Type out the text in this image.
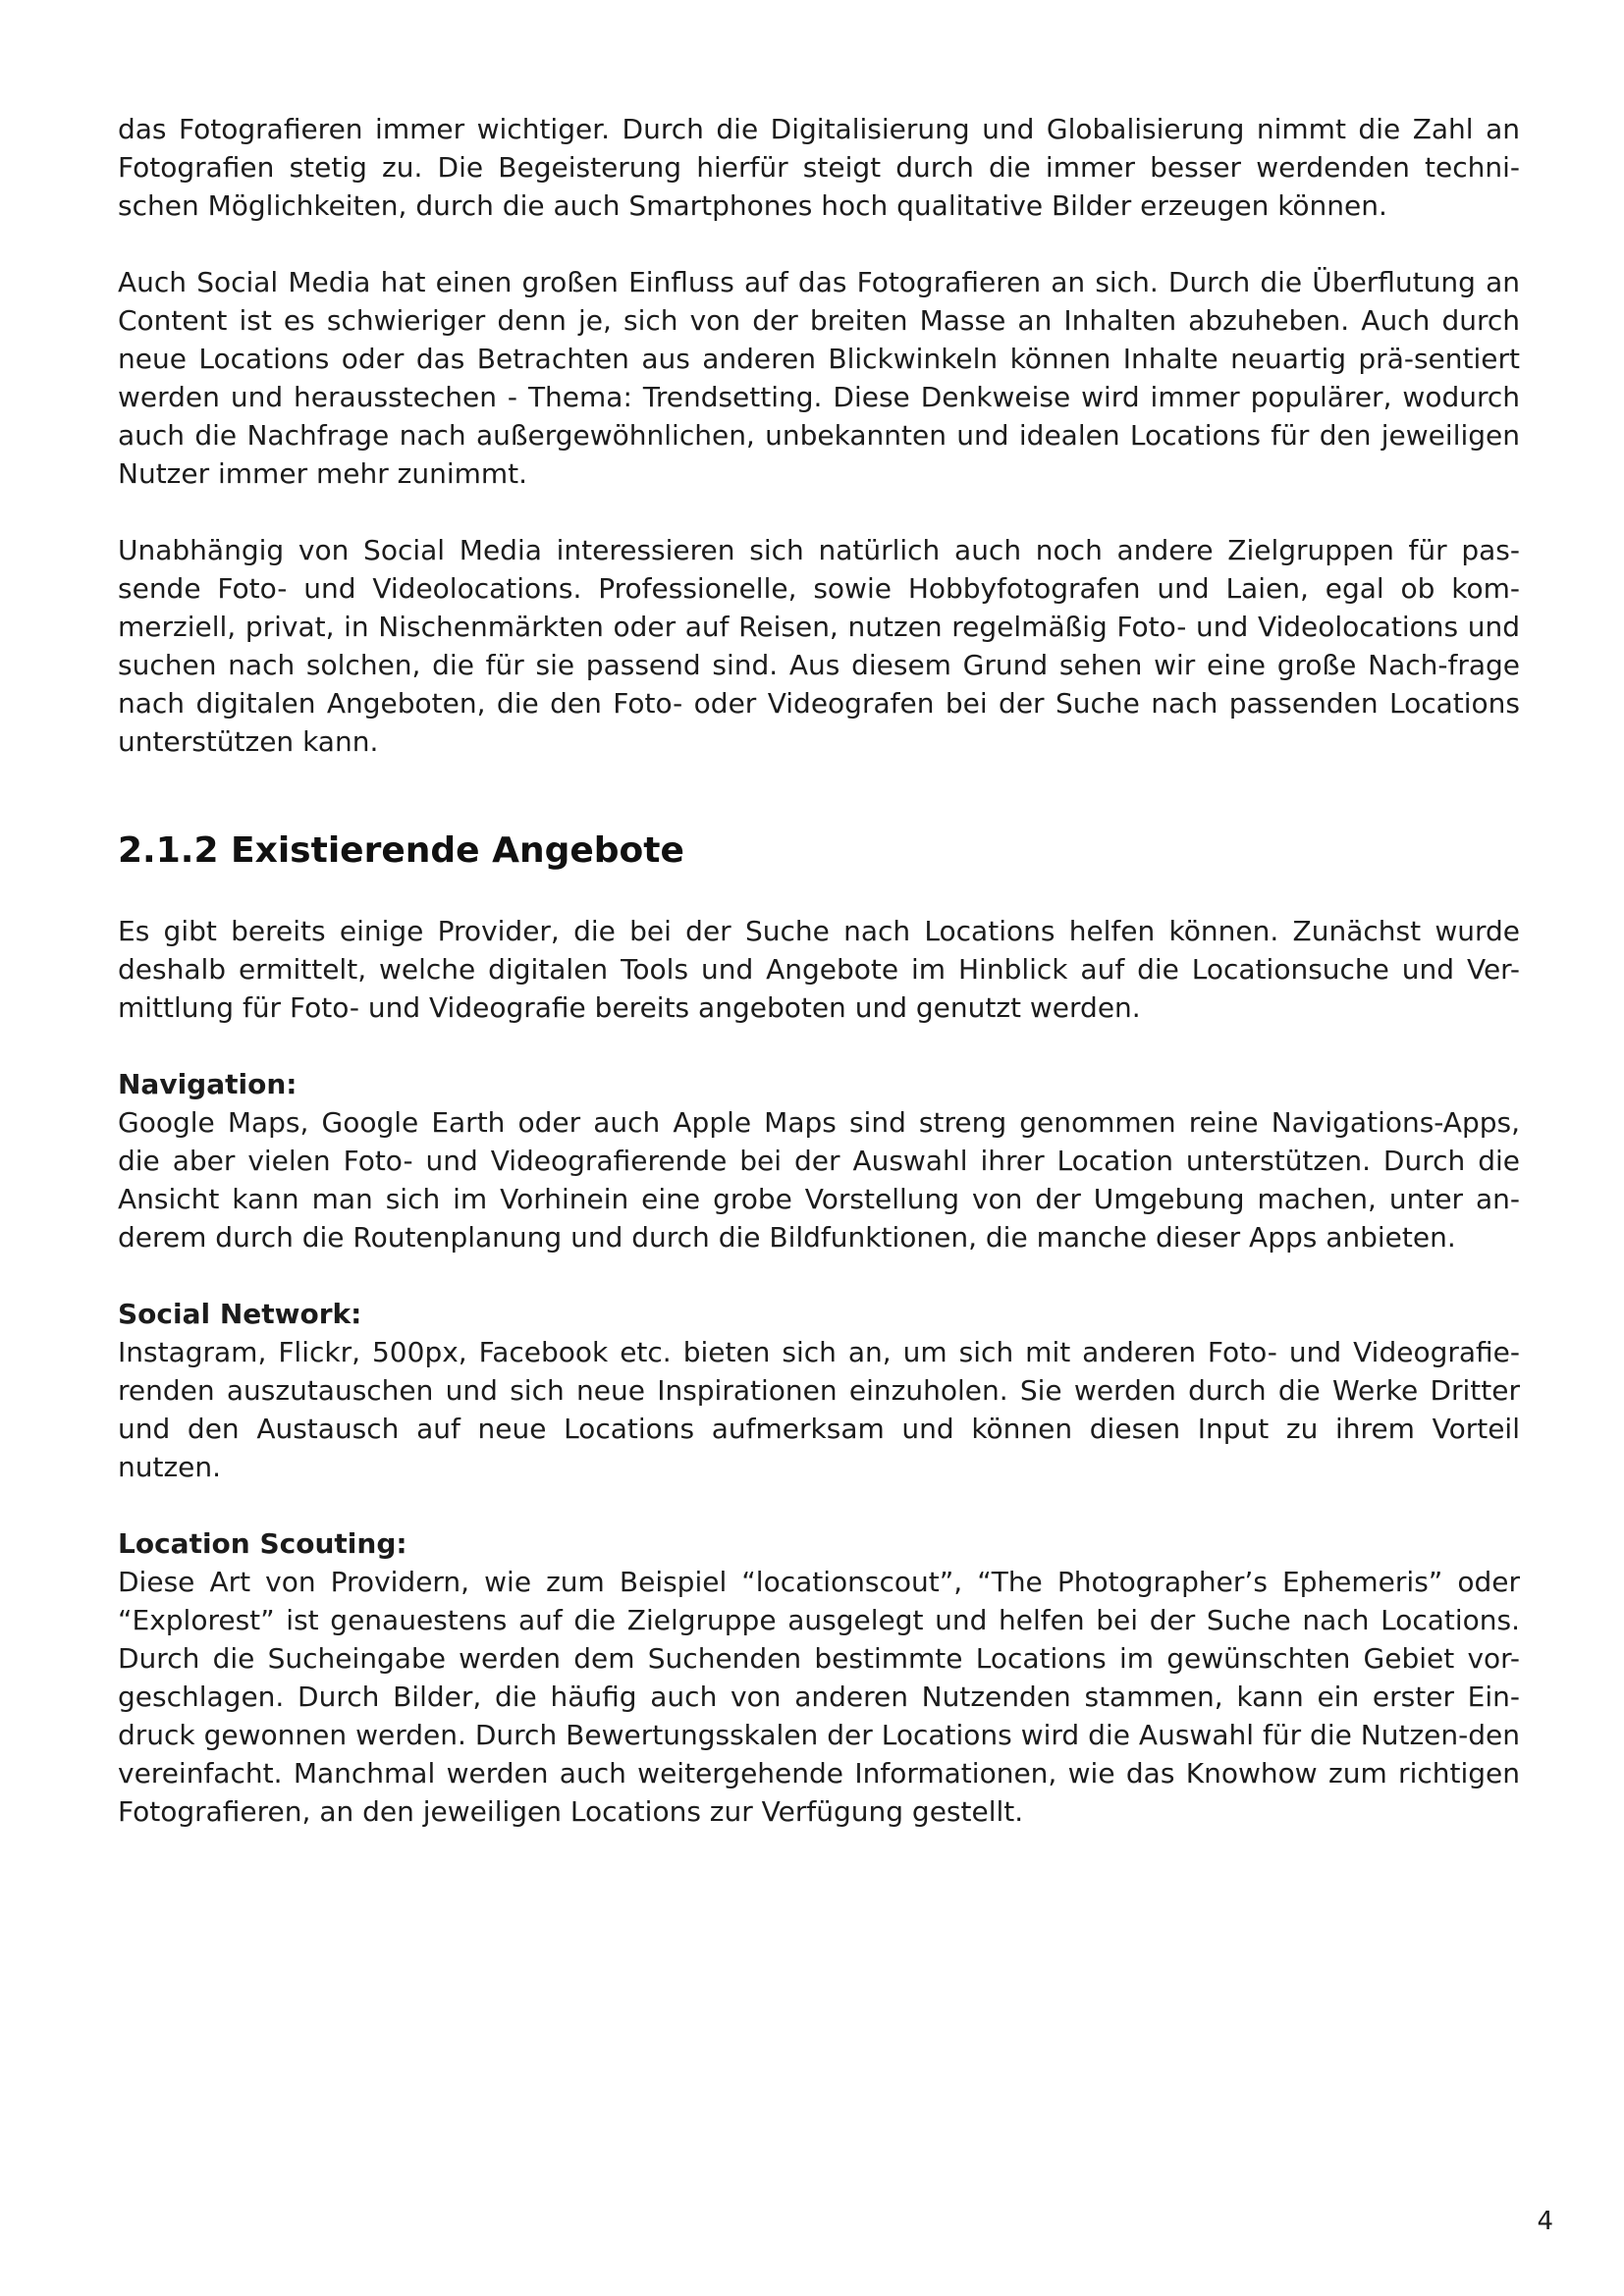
das Fotografieren immer wichtiger. Durch die Digitalisierung und Globalisierung nimmt die Zahl an Fotografien stetig zu. Die Begeisterung hierfür steigt durch die immer besser werdenden techni-schen Möglichkeiten, durch die auch Smartphones hoch qualitative Bilder erzeugen können.

Auch Social Media hat einen großen Einfluss auf das Fotografieren an sich. Durch die Überflutung an Content ist es schwieriger denn je, sich von der breiten Masse an Inhalten abzuheben. Auch durch neue Locations oder das Betrachten aus anderen Blickwinkeln können Inhalte neuartig prä-sentiert werden und herausstechen - Thema: Trendsetting. Diese Denkweise wird immer populärer, wodurch auch die Nachfrage nach außergewöhnlichen, unbekannten und idealen Locations für den jeweiligen Nutzer immer mehr zunimmt.

Unabhängig von Social Media interessieren sich natürlich auch noch andere Zielgruppen für pas-sende Foto- und Videolocations. Professionelle, sowie Hobbyfotografen und Laien, egal ob kom-merziell, privat, in Nischenmärkten oder auf Reisen, nutzen regelmäßig Foto- und Videolocations und suchen nach solchen, die für sie passend sind. Aus diesem Grund sehen wir eine große Nach-frage nach digitalen Angeboten, die den Foto- oder Videografen bei der Suche nach passenden Locations unterstützen kann.

2.1.2 Existierende Angebote

Es gibt bereits einige Provider, die bei der Suche nach Locations helfen können. Zunächst wurde deshalb ermittelt, welche digitalen Tools und Angebote im Hinblick auf die Locationsuche und Ver-mittlung für Foto- und Videografie bereits angeboten und genutzt werden.

Navigation:

Google Maps, Google Earth oder auch Apple Maps sind streng genommen reine Navigations-Apps, die aber vielen Foto- und Videografierende bei der Auswahl ihrer Location unterstützen. Durch die Ansicht kann man sich im Vorhinein eine grobe Vorstellung von der Umgebung machen, unter an-derem durch die Routenplanung und durch die Bildfunktionen, die manche dieser Apps anbieten.

Social Network:

Instagram, Flickr, 500px, Facebook etc. bieten sich an, um sich mit anderen Foto- und Videografie-renden auszutauschen und sich neue Inspirationen einzuholen. Sie werden durch die Werke Dritter und den Austausch auf neue Locations aufmerksam und können diesen Input zu ihrem Vorteil nutzen.

Location Scouting:

Diese Art von Providern, wie zum Beispiel “locationscout”, “The Photographer’s Ephemeris” oder “Explorest” ist genauestens auf die Zielgruppe ausgelegt und helfen bei der Suche nach Locations. Durch die Sucheingabe werden dem Suchenden bestimmte Locations im gewünschten Gebiet vor-geschlagen. Durch Bilder, die häufig auch von anderen Nutzenden stammen, kann ein erster Ein-druck gewonnen werden. Durch Bewertungsskalen der Locations wird die Auswahl für die Nutzen-den vereinfacht. Manchmal werden auch weitergehende Informationen, wie das Knowhow zum richtigen Fotografieren, an den jeweiligen Locations zur Verfügung gestellt.

4
